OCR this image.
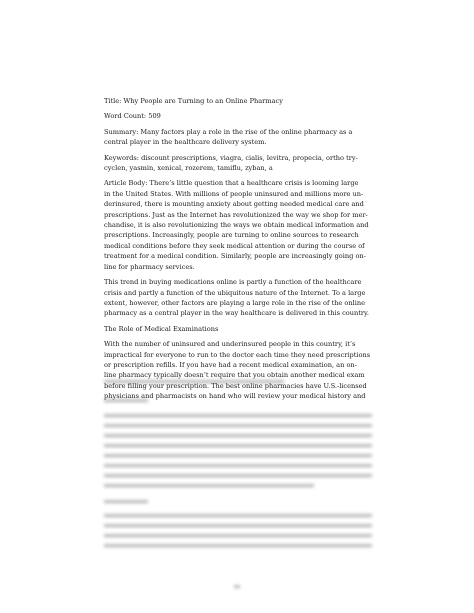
Title: Why People are Turning to an Online Pharmacy

Word Count: 509

Summary: Many factors play a role in the rise of the online pharmacy as a
central player in the healthcare delivery system.

Keywords: discount prescriptions, viagra, cialis, levitra, propecia, ortho try-
cyclen, yasmin, xenical, rozerem, tamiflu, zyban, a

Article Body: There’s little question that a healthcare crisis is looming large
in the United States. With millions of people uninsured and millions more un-
derinsured, there is mounting anxiety about getting needed medical care and
prescriptions. Just as the Internet has revolutionized the way we shop for mer-
chandise, it is also revolutionizing the ways we obtain medical information and
prescriptions. Increasingly, people are turning to online sources to research
medical conditions before they seek medical attention or during the course of
treatment for a medical condition. Similarly, people are increasingly going on-
line for pharmacy services.

This trend in buying medications online is partly a function of the healthcare
crisis and partly a function of the ubiquitous nature of the Internet. To a large
extent, however, other factors are playing a large role in the rise of the online
pharmacy as a central player in the way healthcare is delivered in this country.

The Role of Medical Examinations

With the number of uninsured and underinsured people in this country, it’s
impractical for everyone to run to the doctor each time they need prescriptions
or prescription refills. If you have had a recent medical examination, an on-
line pharmacy typically doesn’t require that you obtain another medical exam
before filling your prescription. The best online pharmacies have U.S.-licensed
physicians and pharmacists on hand who will review your medical history and
